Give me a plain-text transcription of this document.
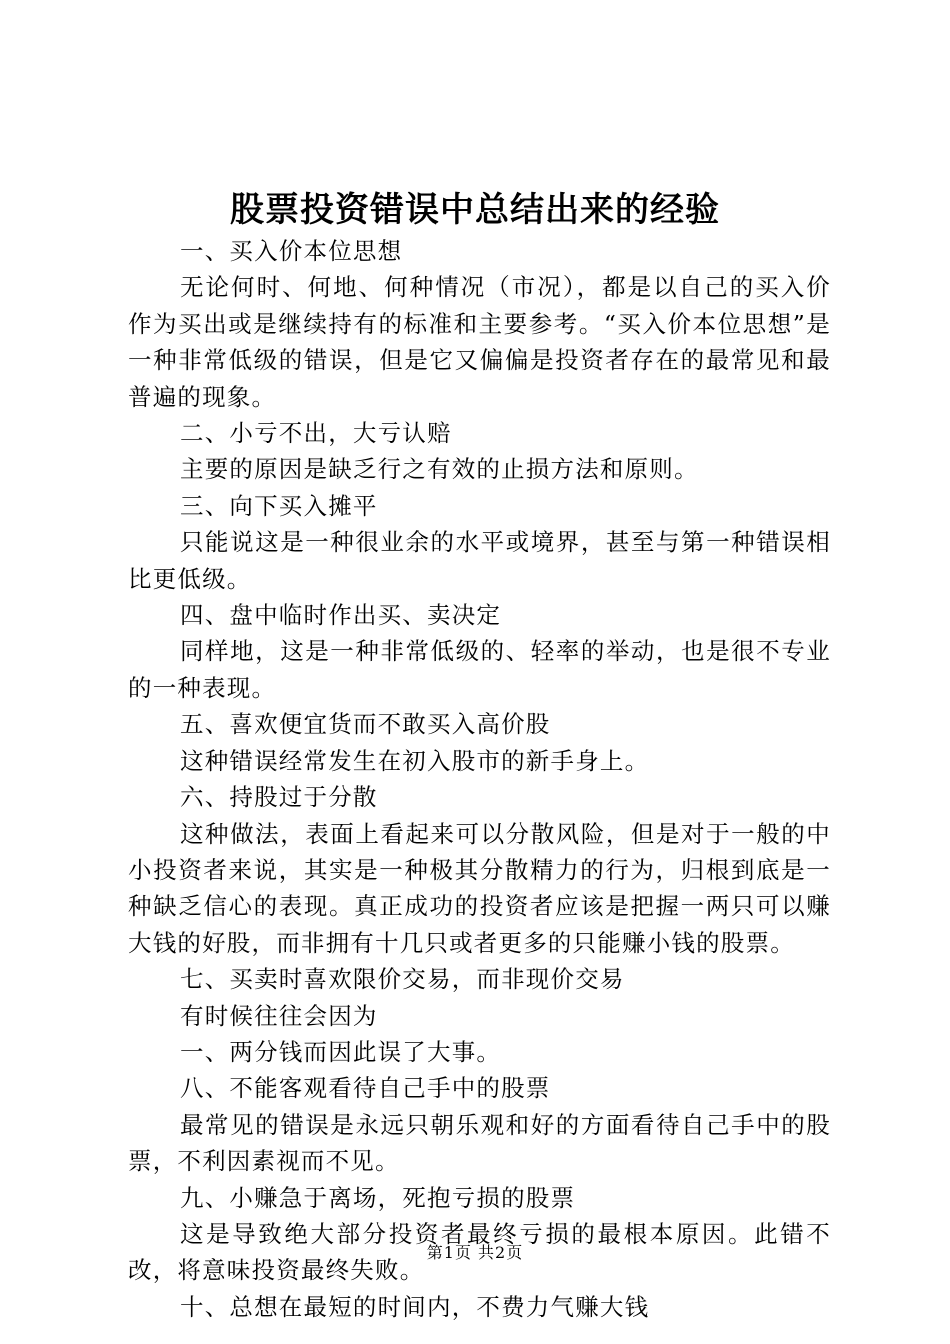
股票投资错误中总结出来的经验

一、买入价本位思想

无论何时、何地、何种情况（市况），都是以自己的买入价作为买出或是继续持有的标准和主要参考。“买入价本位思想”是一种非常低级的错误，但是它又偏偏是投资者存在的最常见和最普遍的现象。

二、小亏不出，大亏认赔

主要的原因是缺乏行之有效的止损方法和原则。

三、向下买入摊平

只能说这是一种很业余的水平或境界，甚至与第一种错误相比更低级。

四、盘中临时作出买、卖决定

同样地，这是一种非常低级的、轻率的举动，也是很不专业的一种表现。

五、喜欢便宜货而不敢买入高价股

这种错误经常发生在初入股市的新手身上。

六、持股过于分散

这种做法，表面上看起来可以分散风险，但是对于一般的中小投资者来说，其实是一种极其分散精力的行为，归根到底是一种缺乏信心的表现。真正成功的投资者应该是把握一两只可以赚大钱的好股，而非拥有十几只或者更多的只能赚小钱的股票。

七、买卖时喜欢限价交易，而非现价交易

有时候往往会因为

一、两分钱而因此误了大事。

八、不能客观看待自己手中的股票

最常见的错误是永远只朝乐观和好的方面看待自己手中的股票，不利因素视而不见。

九、小赚急于离场，死抱亏损的股票

这是导致绝大部分投资者最终亏损的最根本原因。此错不改，将意味投资最终失败。

十、总想在最短的时间内，不费力气赚大钱

第1页 共2页
